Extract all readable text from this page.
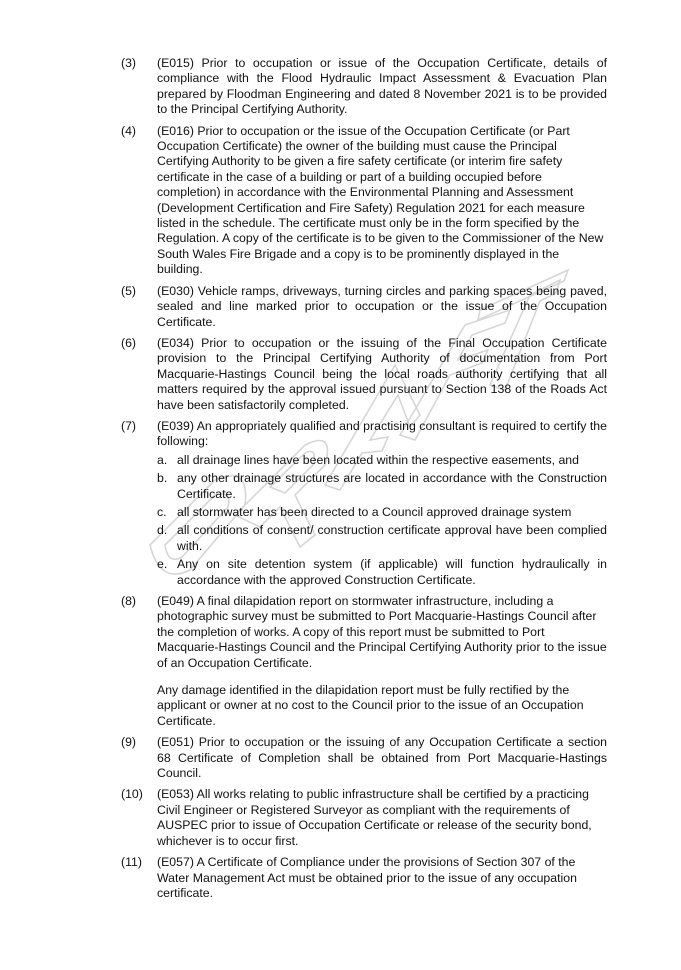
(3)	(E015) Prior to occupation or issue of the Occupation Certificate, details of compliance with the Flood Hydraulic Impact Assessment & Evacuation Plan prepared by Floodman Engineering and dated 8 November 2021 is to be provided to the Principal Certifying Authority.
(4)	(E016) Prior to occupation or the issue of the Occupation Certificate (or Part Occupation Certificate) the owner of the building must cause the Principal Certifying Authority to be given a fire safety certificate (or interim fire safety certificate in the case of a building or part of a building occupied before completion) in accordance with the Environmental Planning and Assessment (Development Certification and Fire Safety) Regulation 2021 for each measure listed in the schedule. The certificate must only be in the form specified by the Regulation. A copy of the certificate is to be given to the Commissioner of the New South Wales Fire Brigade and a copy is to be prominently displayed in the building.
(5)	(E030) Vehicle ramps, driveways, turning circles and parking spaces being paved, sealed and line marked prior to occupation or the issue of the Occupation Certificate.
(6)	(E034) Prior to occupation or the issuing of the Final Occupation Certificate provision to the Principal Certifying Authority of documentation from Port Macquarie-Hastings Council being the local roads authority certifying that all matters required by the approval issued pursuant to Section 138 of the Roads Act have been satisfactorily completed.
(7)	(E039) An appropriately qualified and practising consultant is required to certify the following:
a. all drainage lines have been located within the respective easements, and
b. any other drainage structures are located in accordance with the Construction Certificate.
c. all stormwater has been directed to a Council approved drainage system
d. all conditions of consent/ construction certificate approval have been complied with.
e. Any on site detention system (if applicable) will function hydraulically in accordance with the approved Construction Certificate.
(8)	(E049) A final dilapidation report on stormwater infrastructure, including a photographic survey must be submitted to Port Macquarie-Hastings Council after the completion of works. A copy of this report must be submitted to Port Macquarie-Hastings Council and the Principal Certifying Authority prior to the issue of an Occupation Certificate.
Any damage identified in the dilapidation report must be fully rectified by the applicant or owner at no cost to the Council prior to the issue of an Occupation Certificate.
(9)	(E051) Prior to occupation or the issuing of any Occupation Certificate a section 68 Certificate of Completion shall be obtained from Port Macquarie-Hastings Council.
(10)	(E053) All works relating to public infrastructure shall be certified by a practicing Civil Engineer or Registered Surveyor as compliant with the requirements of AUSPEC prior to issue of Occupation Certificate or release of the security bond, whichever is to occur first.
(11)	(E057) A Certificate of Compliance under the provisions of Section 307 of the Water Management Act must be obtained prior to the issue of any occupation certificate.
